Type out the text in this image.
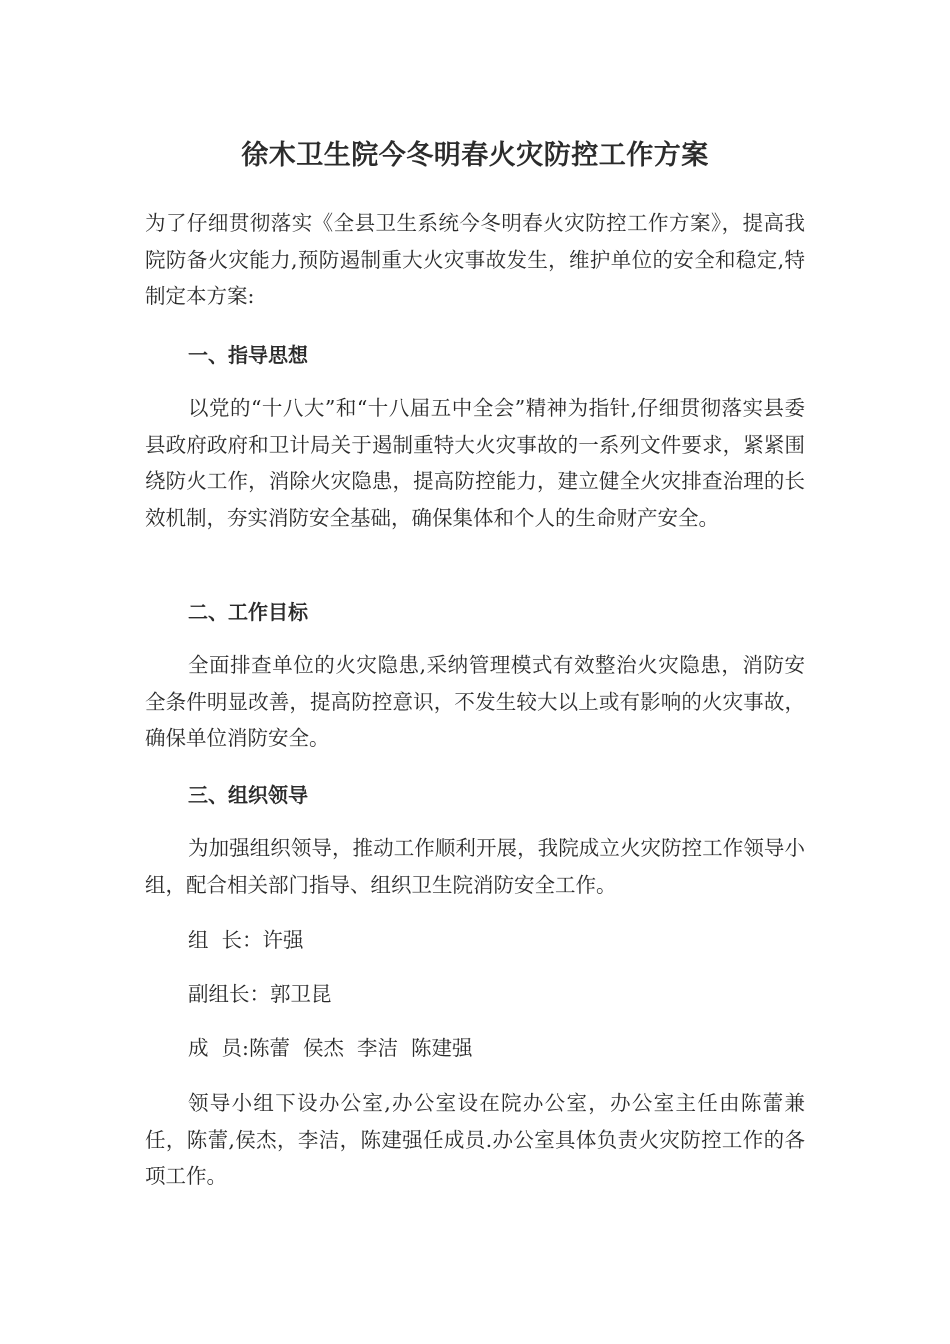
徐木卫生院今冬明春火灾防控工作方案

为了仔细贯彻落实《全县卫生系统今冬明春火灾防控工作方案》，提高我院防备火灾能力,预防遏制重大火灾事故发生，维护单位的安全和稳定,特制定本方案:

一、指导思想

以党的“十八大”和“十八届五中全会”精神为指针,仔细贯彻落实县委县政府政府和卫计局关于遏制重特大火灾事故的一系列文件要求，紧紧围绕防火工作，消除火灾隐患，提高防控能力，建立健全火灾排查治理的长效机制，夯实消防安全基础，确保集体和个人的生命财产安全。

二、工作目标

全面排查单位的火灾隐患,采纳管理模式有效整治火灾隐患，消防安全条件明显改善，提高防控意识，不发生较大以上或有影响的火灾事故，确保单位消防安全。

三、组织领导

为加强组织领导，推动工作顺利开展，我院成立火灾防控工作领导小组，配合相关部门指导、组织卫生院消防安全工作。

组  长：许强

副组长：郭卫昆

成  员:陈蕾  侯杰  李洁  陈建强

领导小组下设办公室,办公室设在院办公室，办公室主任由陈蕾兼任，陈蕾,侯杰，李洁，陈建强任成员.办公室具体负责火灾防控工作的各项工作。
